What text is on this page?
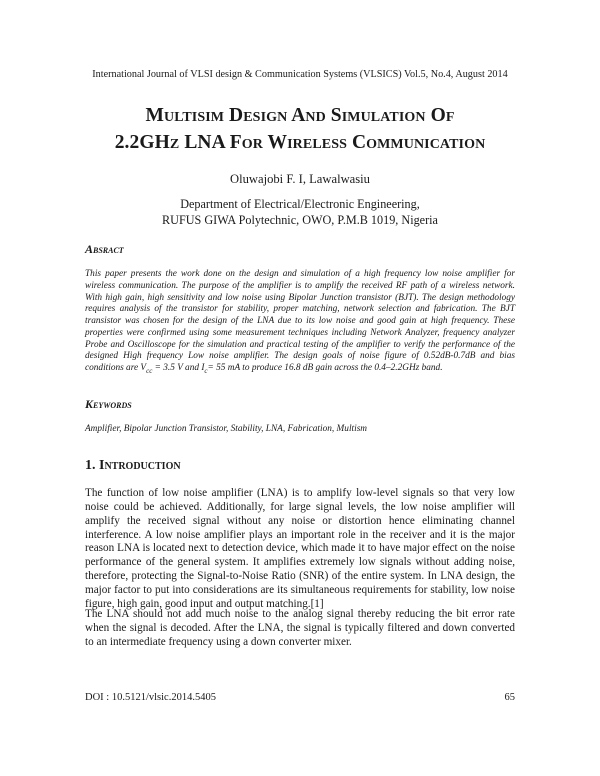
International Journal of VLSI design & Communication Systems (VLSICS) Vol.5, No.4, August 2014
Multisim Design And Simulation Of
2.2GHz LNA For Wireless Communication
Oluwajobi F. I, Lawalwasiu
Department of Electrical/Electronic Engineering,
RUFUS GIWA Polytechnic, OWO, P.M.B 1019, Nigeria
Absract
This paper presents the work done on the design and simulation of a high frequency low noise amplifier for wireless communication. The purpose of the amplifier is to amplify the received RF path of a wireless network. With high gain, high sensitivity and low noise using Bipolar Junction transistor (BJT). The design methodology requires analysis of the transistor for stability, proper matching, network selection and fabrication. The BJT transistor was chosen for the design of the LNA due to its low noise and good gain at high frequency. These properties were confirmed using some measurement techniques including Network Analyzer, frequency analyzer Probe and Oscilloscope for the simulation and practical testing of the amplifier to verify the performance of the designed High frequency Low noise amplifier. The design goals of noise figure of 0.52dB-0.7dB and bias conditions are $V_{cc} = 3.5$ V and $I_c= 55$ mA to produce 16.8 dB gain across the 0.4–2.2GHz band.
Keywords
Amplifier, Bipolar Junction Transistor, Stability, LNA, Fabrication, Multism
1. Introduction
The function of low noise amplifier (LNA) is to amplify low-level signals so that very low noise could be achieved. Additionally, for large signal levels, the low noise amplifier will amplify the received signal without any noise or distortion hence eliminating channel interference. A low noise amplifier plays an important role in the receiver and it is the major reason LNA is located next to detection device, which made it to have major effect on the noise performance of the general system. It amplifies extremely low signals without adding noise, therefore, protecting the Signal-to-Noise Ratio (SNR) of the entire system. In LNA design, the major factor to put into considerations are its simultaneous requirements for stability, low noise figure, high gain, good input and output matching.[1]
The LNA should not add much noise to the analog signal thereby reducing the bit error rate when the signal is decoded. After the LNA, the signal is typically filtered and down converted to an intermediate frequency using a down converter mixer.
DOI : 10.5121/vlsic.2014.5405	65
